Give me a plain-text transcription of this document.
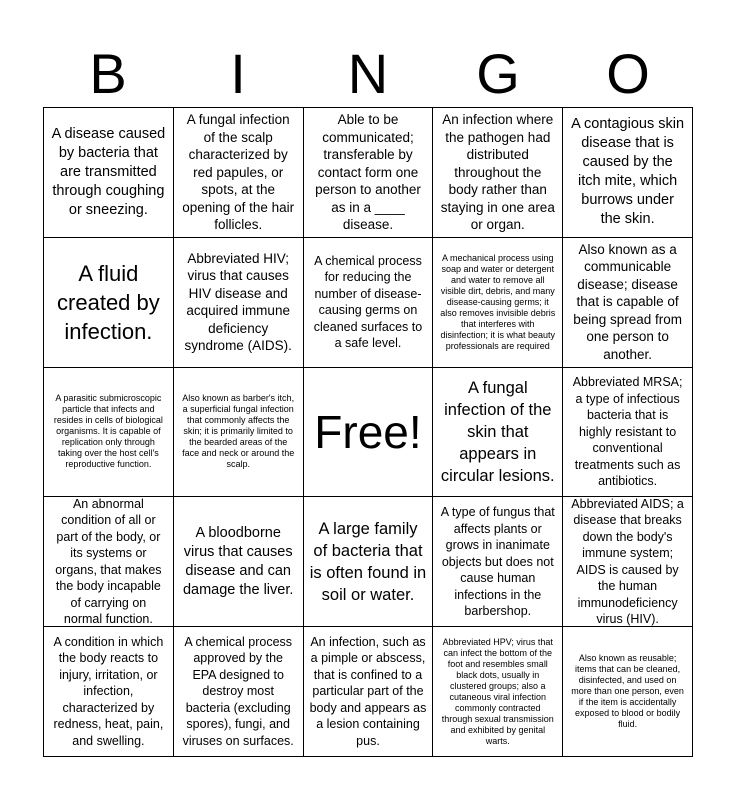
B	I	N	G	O
A disease caused by bacteria that are transmitted through coughing or sneezing.
A fungal infection of the scalp characterized by red papules, or spots, at the opening of the hair follicles.
Able to be communicated; transferable by contact form one person to another as in a ____ disease.
An infection where the pathogen had distributed throughout the body rather than staying in one area or organ.
A contagious skin disease that is caused by the itch mite, which burrows under the skin.
A fluid created by infection.
Abbreviated HIV; virus that causes HIV disease and acquired immune deficiency syndrome (AIDS).
A chemical process for reducing the number of disease-causing germs on cleaned surfaces to a safe level.
A mechanical process using soap and water or detergent and water to remove all visible dirt, debris, and many disease-causing germs; it also removes invisible debris that interferes with disinfection; it is what beauty professionals are required
Also known as a communicable disease; disease that is capable of being spread from one person to another.
A parasitic submicroscopic particle that infects and resides in cells of biological organisms. It is capable of replication only through taking over the host cell's reproductive function.
Also known as barber's itch, a superficial fungal infection that commonly affects the skin; it is primarily limited to the bearded areas of the face and neck or around the scalp.
Free!
A fungal infection of the skin that appears in circular lesions.
Abbreviated MRSA; a type of infectious bacteria that is highly resistant to conventional treatments such as antibiotics.
An abnormal condition of all or part of the body, or its systems or organs, that makes the body incapable of carrying on normal function.
A bloodborne virus that causes disease and can damage the liver.
A large family of bacteria that is often found in soil or water.
A type of fungus that affects plants or grows in inanimate objects but does not cause human infections in the barbershop.
Abbreviated AIDS; a disease that breaks down the body's immune system; AIDS is caused by the human immunodeficiency virus (HIV).
A condition in which the body reacts to injury, irritation, or infection, characterized by redness, heat, pain, and swelling.
A chemical process approved by the EPA designed to destroy most bacteria (excluding spores), fungi, and viruses on surfaces.
An infection, such as a pimple or abscess, that is confined to a particular part of the body and appears as a lesion containing pus.
Abbreviated HPV; virus that can infect the bottom of the foot and resembles small black dots, usually in clustered groups; also a cutaneous viral infection commonly contracted through sexual transmission and exhibited by genital warts.
Also known as reusable; items that can be cleaned, disinfected, and used on more than one person, even if the item is accidentally exposed to blood or bodily fluid.
